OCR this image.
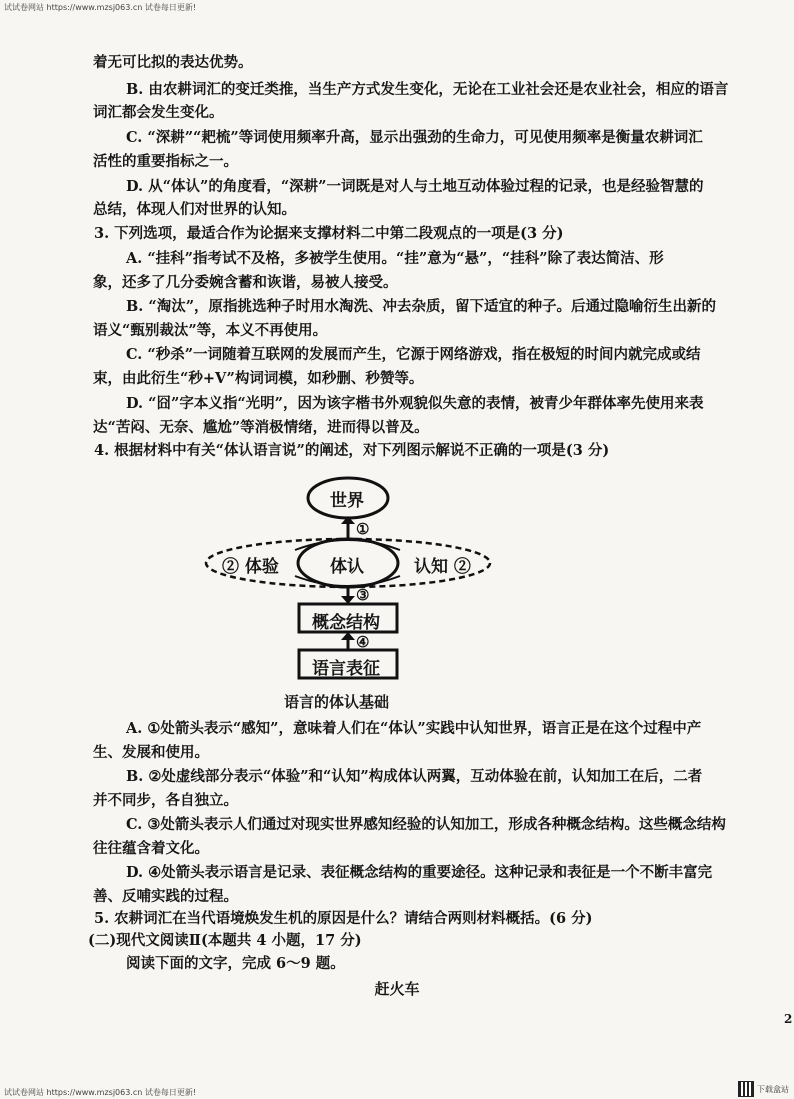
试试卷网站 https://www.mzsj063.cn 试卷每日更新!
着无可比拟的表达优势。
B. 由农耕词汇的变迁类推，当生产方式发生变化，无论在工业社会还是农业社会，相应的语言
词汇都会发生变化。
C. “深耕”“耙梳”等词使用频率升高，显示出强劲的生命力，可见使用频率是衡量农耕词汇
活性的重要指标之一。
D. 从“体认”的角度看，“深耕”一词既是对人与土地互动体验过程的记录，也是经验智慧的
总结，体现人们对世界的认知。
3. 下列选项，最适合作为论据来支撑材料二中第二段观点的一项是(3 分)
A. “挂科”指考试不及格，多被学生使用。“挂”意为“悬”，“挂科”除了表达简洁、形
象，还多了几分委婉含蓄和诙谐，易被人接受。
B. “淘汰”，原指挑选种子时用水淘洗、冲去杂质，留下适宜的种子。后通过隐喻衍生出新的
语义“甄别裁汰”等，本义不再使用。
C. “秒杀”一词随着互联网的发展而产生，它源于网络游戏，指在极短的时间内就完成或结
束，由此衍生“秒+V”构词词模，如秒删、秒赞等。
D. “囧”字本义指“光明”，因为该字楷书外观貌似失意的表情，被青少年群体率先使用来表
达“苦闷、无奈、尴尬”等消极情绪，进而得以普及。
4. 根据材料中有关“体认语言说”的阐述，对下列图示解说不正确的一项是(3 分)
世界
①
② 体验	体认	认知 ②
③
概念结构
④
语言表征
语言的体认基础
A. ①处箭头表示“感知”，意味着人们在“体认”实践中认知世界，语言正是在这个过程中产
生、发展和使用。
B. ②处虚线部分表示“体验”和“认知”构成体认两翼，互动体验在前，认知加工在后，二者
并不同步，各自独立。
C. ③处箭头表示人们通过对现实世界感知经验的认知加工，形成各种概念结构。这些概念结构
往往蕴含着文化。
D. ④处箭头表示语言是记录、表征概念结构的重要途径。这种记录和表征是一个不断丰富完
善、反哺实践的过程。
5. 农耕词汇在当代语境焕发生机的原因是什么？请结合两则材料概括。(6 分)
(二)现代文阅读Ⅱ(本题共 4 小题，17 分)
阅读下面的文字，完成 6～9 题。
赶火车
2
试试卷网站 https://www.mzsj063.cn 试卷每日更新!	下载盒站
